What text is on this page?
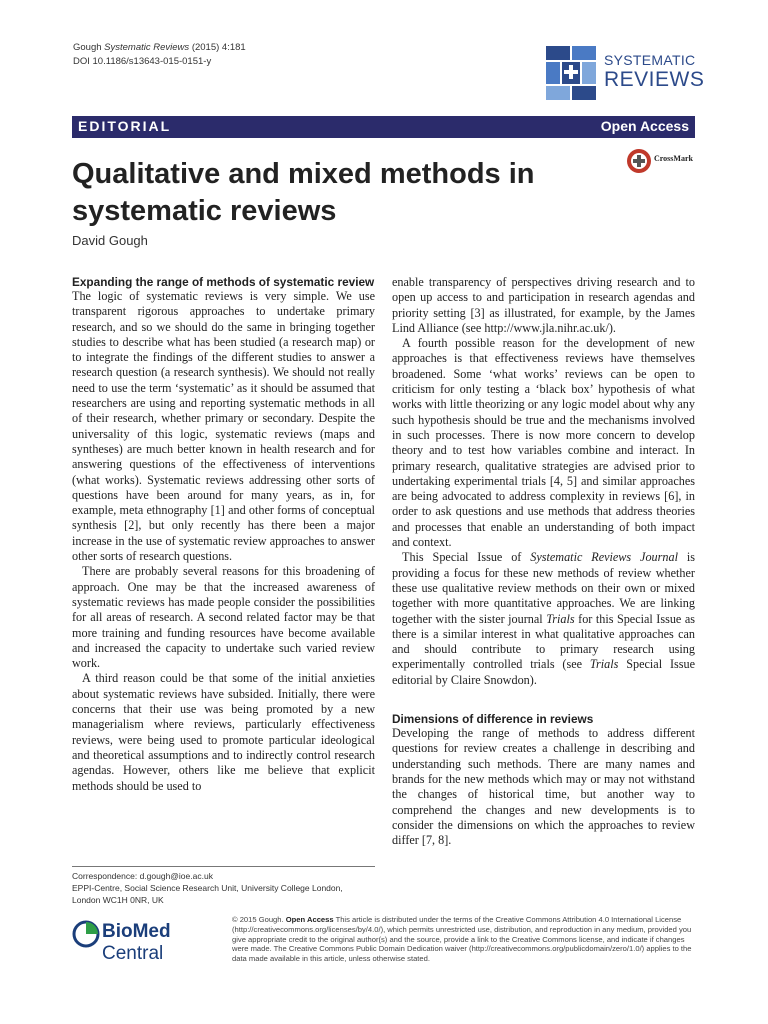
Gough Systematic Reviews (2015) 4:181
DOI 10.1186/s13643-015-0151-y	SYSTEMATIC
REVIEWS
EDITORIAL	Open Access
CrossMark
Qualitative and mixed methods in systematic reviews
David Gough
Expanding the range of methods of systematic review

The logic of systematic reviews is very simple. We use transparent rigorous approaches to undertake primary research, and so we should do the same in bringing together studies to describe what has been studied (a research map) or to integrate the findings of the different studies to answer a research question (a research synthesis). We should not really need to use the term ‘systematic’ as it should be assumed that researchers are using and reporting systematic methods in all of their research, whether primary or secondary. Despite the universality of this logic, systematic reviews (maps and syntheses) are much better known in health research and for answering questions of the effectiveness of interventions (what works). Systematic reviews addressing other sorts of questions have been around for many years, as in, for example, meta ethnography [1] and other forms of conceptual synthesis [2], but only recently has there been a major increase in the use of systematic review approaches to answer other sorts of research questions.

There are probably several reasons for this broadening of approach. One may be that the increased awareness of systematic reviews has made people consider the possibilities for all areas of research. A second related factor may be that more training and funding resources have become available and increased the capacity to undertake such varied review work.

A third reason could be that some of the initial anxieties about systematic reviews have subsided. Initially, there were concerns that their use was being promoted by a new managerialism where reviews, particularly effectiveness reviews, were being used to promote particular ideological and theoretical assumptions and to indirectly control research agendas. However, others like me believe that explicit methods should be used to

enable transparency of perspectives driving research and to open up access to and participation in research agendas and priority setting [3] as illustrated, for example, by the James Lind Alliance (see http://www.jla.nihr.ac.uk/).

A fourth possible reason for the development of new approaches is that effectiveness reviews have themselves broadened. Some ‘what works’ reviews can be open to criticism for only testing a ‘black box’ hypothesis of what works with little theorizing or any logic model about why any such hypothesis should be true and the mechanisms involved in such processes. There is now more concern to develop theory and to test how variables combine and interact. In primary research, qualitative strategies are advised prior to undertaking experimental trials [4, 5] and similar approaches are being advocated to address complexity in reviews [6], in order to ask questions and use methods that address theories and processes that enable an understanding of both impact and context.

This Special Issue of Systematic Reviews Journal is providing a focus for these new methods of review whether these use qualitative review methods on their own or mixed together with more quantitative approaches. We are linking together with the sister journal Trials for this Special Issue as there is a similar interest in what qualitative approaches can and should contribute to primary research using experimentally controlled trials (see Trials Special Issue editorial by Claire Snowdon).

Dimensions of difference in reviews

Developing the range of methods to address different questions for review creates a challenge in describing and understanding such methods. There are many names and brands for the new methods which may or may not withstand the changes of historical time, but another way to comprehend the changes and new developments is to consider the dimensions on which the approaches to review differ [7, 8].

Correspondence: d.gough@ioe.ac.uk
EPPI-Centre, Social Science Research Unit, University College London,
London WC1H 0NR, UK
BioMed Central
© 2015 Gough. Open Access This article is distributed under the terms of the Creative Commons Attribution 4.0 International License (http://creativecommons.org/licenses/by/4.0/), which permits unrestricted use, distribution, and reproduction in any medium, provided you give appropriate credit to the original author(s) and the source, provide a link to the Creative Commons license, and indicate if changes were made. The Creative Commons Public Domain Dedication waiver (http://creativecommons.org/publicdomain/zero/1.0/) applies to the data made available in this article, unless otherwise stated.
